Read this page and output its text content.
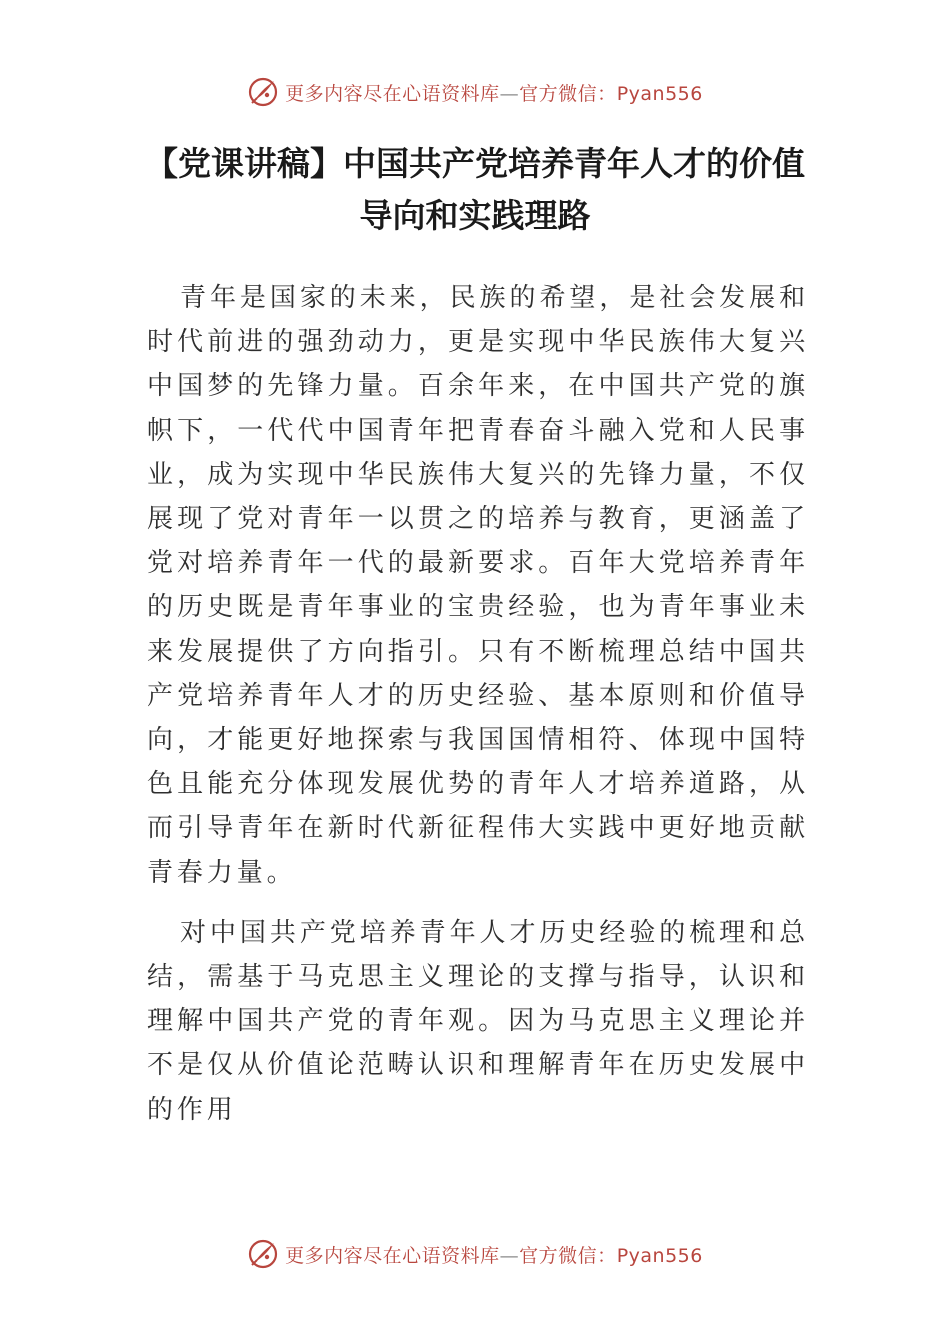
更多内容尽在心语资料库—官方微信：Pyan556
【党课讲稿】中国共产党培养青年人才的价值导向和实践理路

青年是国家的未来，民族的希望，是社会发展和时代前进的强劲动力，更是实现中华民族伟大复兴中国梦的先锋力量。百余年来，在中国共产党的旗帜下，一代代中国青年把青春奋斗融入党和人民事业，成为实现中华民族伟大复兴的先锋力量，不仅展现了党对青年一以贯之的培养与教育，更涵盖了党对培养青年一代的最新要求。百年大党培养青年的历史既是青年事业的宝贵经验，也为青年事业未来发展提供了方向指引。只有不断梳理总结中国共产党培养青年人才的历史经验、基本原则和价值导向，才能更好地探索与我国国情相符、体现中国特色且能充分体现发展优势的青年人才培养道路，从而引导青年在新时代新征程伟大实践中更好地贡献青春力量。

对中国共产党培养青年人才历史经验的梳理和总结，需基于马克思主义理论的支撑与指导，认识和理解中国共产党的青年观。因为马克思主义理论并不是仅从价值论范畴认识和理解青年在历史发展中的作用

更多内容尽在心语资料库—官方微信：Pyan556
